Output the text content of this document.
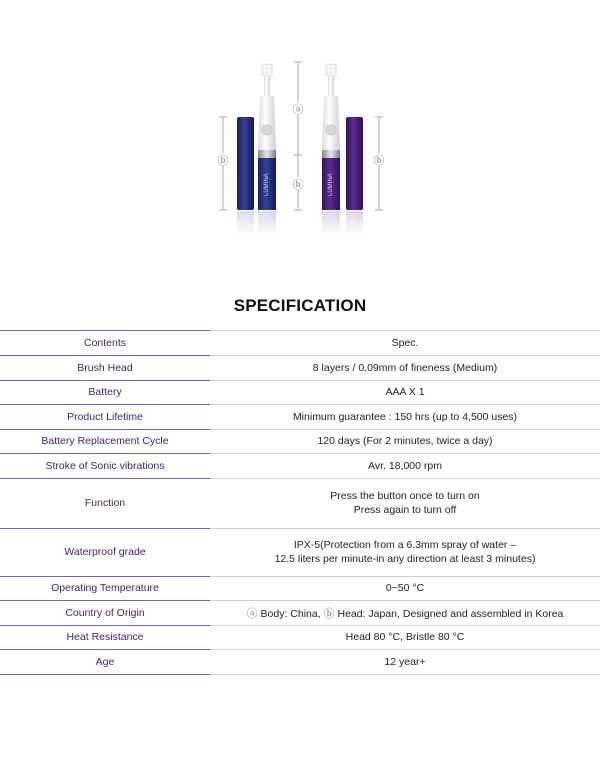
LUMINA	LUMINA
ⓑ
ⓐ
ⓑ
ⓑ
SPECIFICATION
Contents	Spec.
Brush Head	8 layers / 0.09mm of fineness (Medium)

Battery	AAA X 1

Product Lifetime	Minimum guarantee : 150 hrs (up to 4,500 uses)

Battery Replacement Cycle	120 days (For 2 minutes, twice a day)

Stroke of Sonic vibrations	Avr. 18,000 rpm

Function	Press the button once to turn on
Press again to turn off

Waterproof grade	IPX-5(Protection from a 6.3mm spray of water –
12.5 liters per minute-in any direction at least 3 minutes)

Operating Temperature	0~50 °C

Country of Origin	ⓐ Body: China, ⓑ Head: Japan, Designed and assembled in Korea
Heat Resistance	Head 80 °C, Bristle 80 °C

Age	12 year+
